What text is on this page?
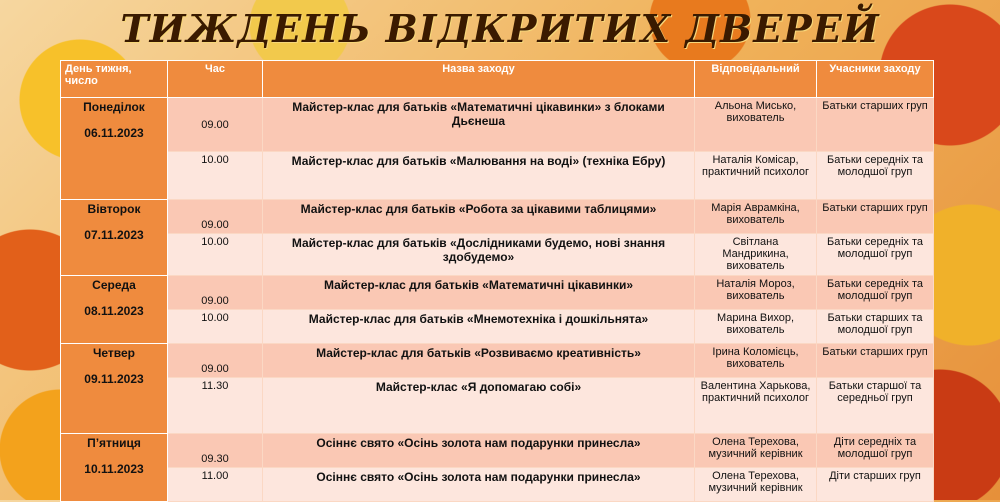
ТИЖДЕНЬ ВІДКРИТИХ ДВЕРЕЙ
День тижня, число	Час	Назва заходу	Відповідальний	Учасники заходу

Понеділок
06.11.2023	09.00	Майстер-клас для батьків «Математичні цікавинки» з блоками Дьєнеша	Альона Мисько, вихователь	Батьки старших груп
	10.00	Майстер-клас для батьків «Малювання на воді» (техніка Ебру)	Наталія Комісар, практичний психолог	Батьки середніх та молодшої груп

Вівторок
07.11.2023	09.00	Майстер-клас для батьків «Робота за цікавими таблицями»	Марія Аврамкіна, вихователь	Батьки старших груп
	10.00	Майстер-клас для батьків «Дослідниками будемо, нові знання здобудемо»	Світлана Мандрикина, вихователь	Батьки середніх та молодшої груп

Середа
08.11.2023	09.00	Майстер-клас для батьків «Математичні цікавинки»	Наталія Мороз, вихователь	Батьки середніх та молодшої груп
	10.00	Майстер-клас для батьків «Мнемотехніка і дошкільнята»	Марина Вихор, вихователь	Батьки старших та молодшої груп

Четвер
09.11.2023	09.00	Майстер-клас для батьків «Розвиваємо креативність»	Ірина Коломієць, вихователь	Батьки старших груп
	11.30	Майстер-клас «Я допомагаю собі»	Валентина Харькова, практичний психолог	Батьки старшої та середньої груп

П’ятниця
10.11.2023	09.30	Осіннє свято «Осінь золота нам подарунки принесла»	Олена Терехова, музичний керівник	Діти середніх та молодшої груп
	11.00	Осіннє свято «Осінь золота нам подарунки принесла»	Олена Терехова, музичний керівник	Діти старших груп
